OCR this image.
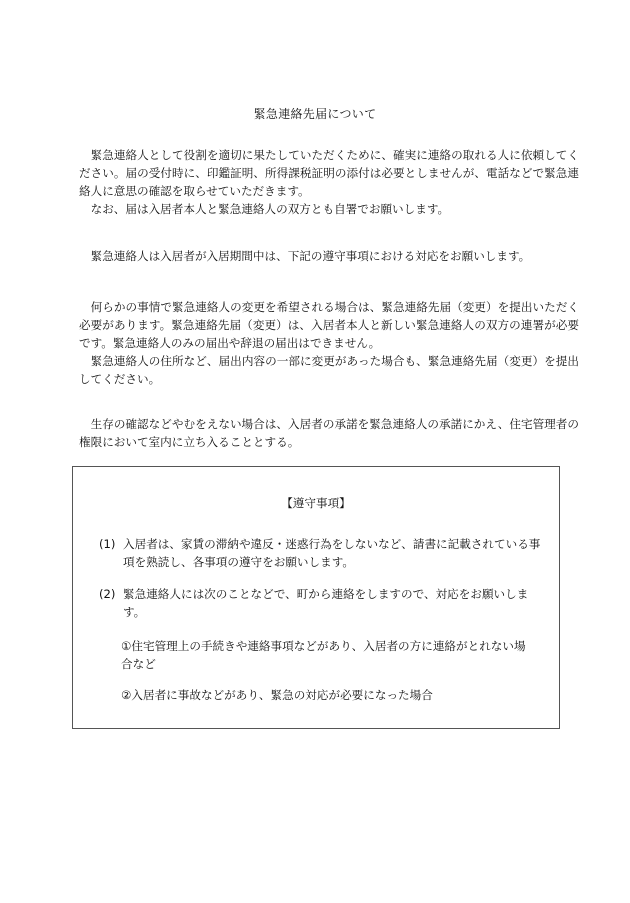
緊急連絡先届について

緊急連絡人として役割を適切に果たしていただくために、確実に連絡の取れる人に依頼してください。届の受付時に、印鑑証明、所得課税証明の添付は必要としませんが、電話などで緊急連絡人に意思の確認を取らせていただきます。

なお、届は入居者本人と緊急連絡人の双方とも自署でお願いします。

緊急連絡人は入居者が入居期間中は、下記の遵守事項における対応をお願いします。

何らかの事情で緊急連絡人の変更を希望される場合は、緊急連絡先届（変更）を提出いただく必要があります。緊急連絡先届（変更）は、入居者本人と新しい緊急連絡人の双方の連署が必要です。緊急連絡人のみの届出や辞退の届出はできません。

緊急連絡人の住所など、届出内容の一部に変更があった場合も、緊急連絡先届（変更）を提出してください。

生存の確認などやむをえない場合は、入居者の承諾を緊急連絡人の承諾にかえ、住宅管理者の権限において室内に立ち入ることとする。

【遵守事項】
(1) 入居者は、家賃の滞納や違反・迷惑行為をしないなど、請書に記載されている事項を熟読し、各事項の遵守をお願いします。
(2) 緊急連絡人には次のことなどで、町から連絡をしますので、対応をお願いします。
①住宅管理上の手続きや連絡事項などがあり、入居者の方に連絡がとれない場合など
②入居者に事故などがあり、緊急の対応が必要になった場合
